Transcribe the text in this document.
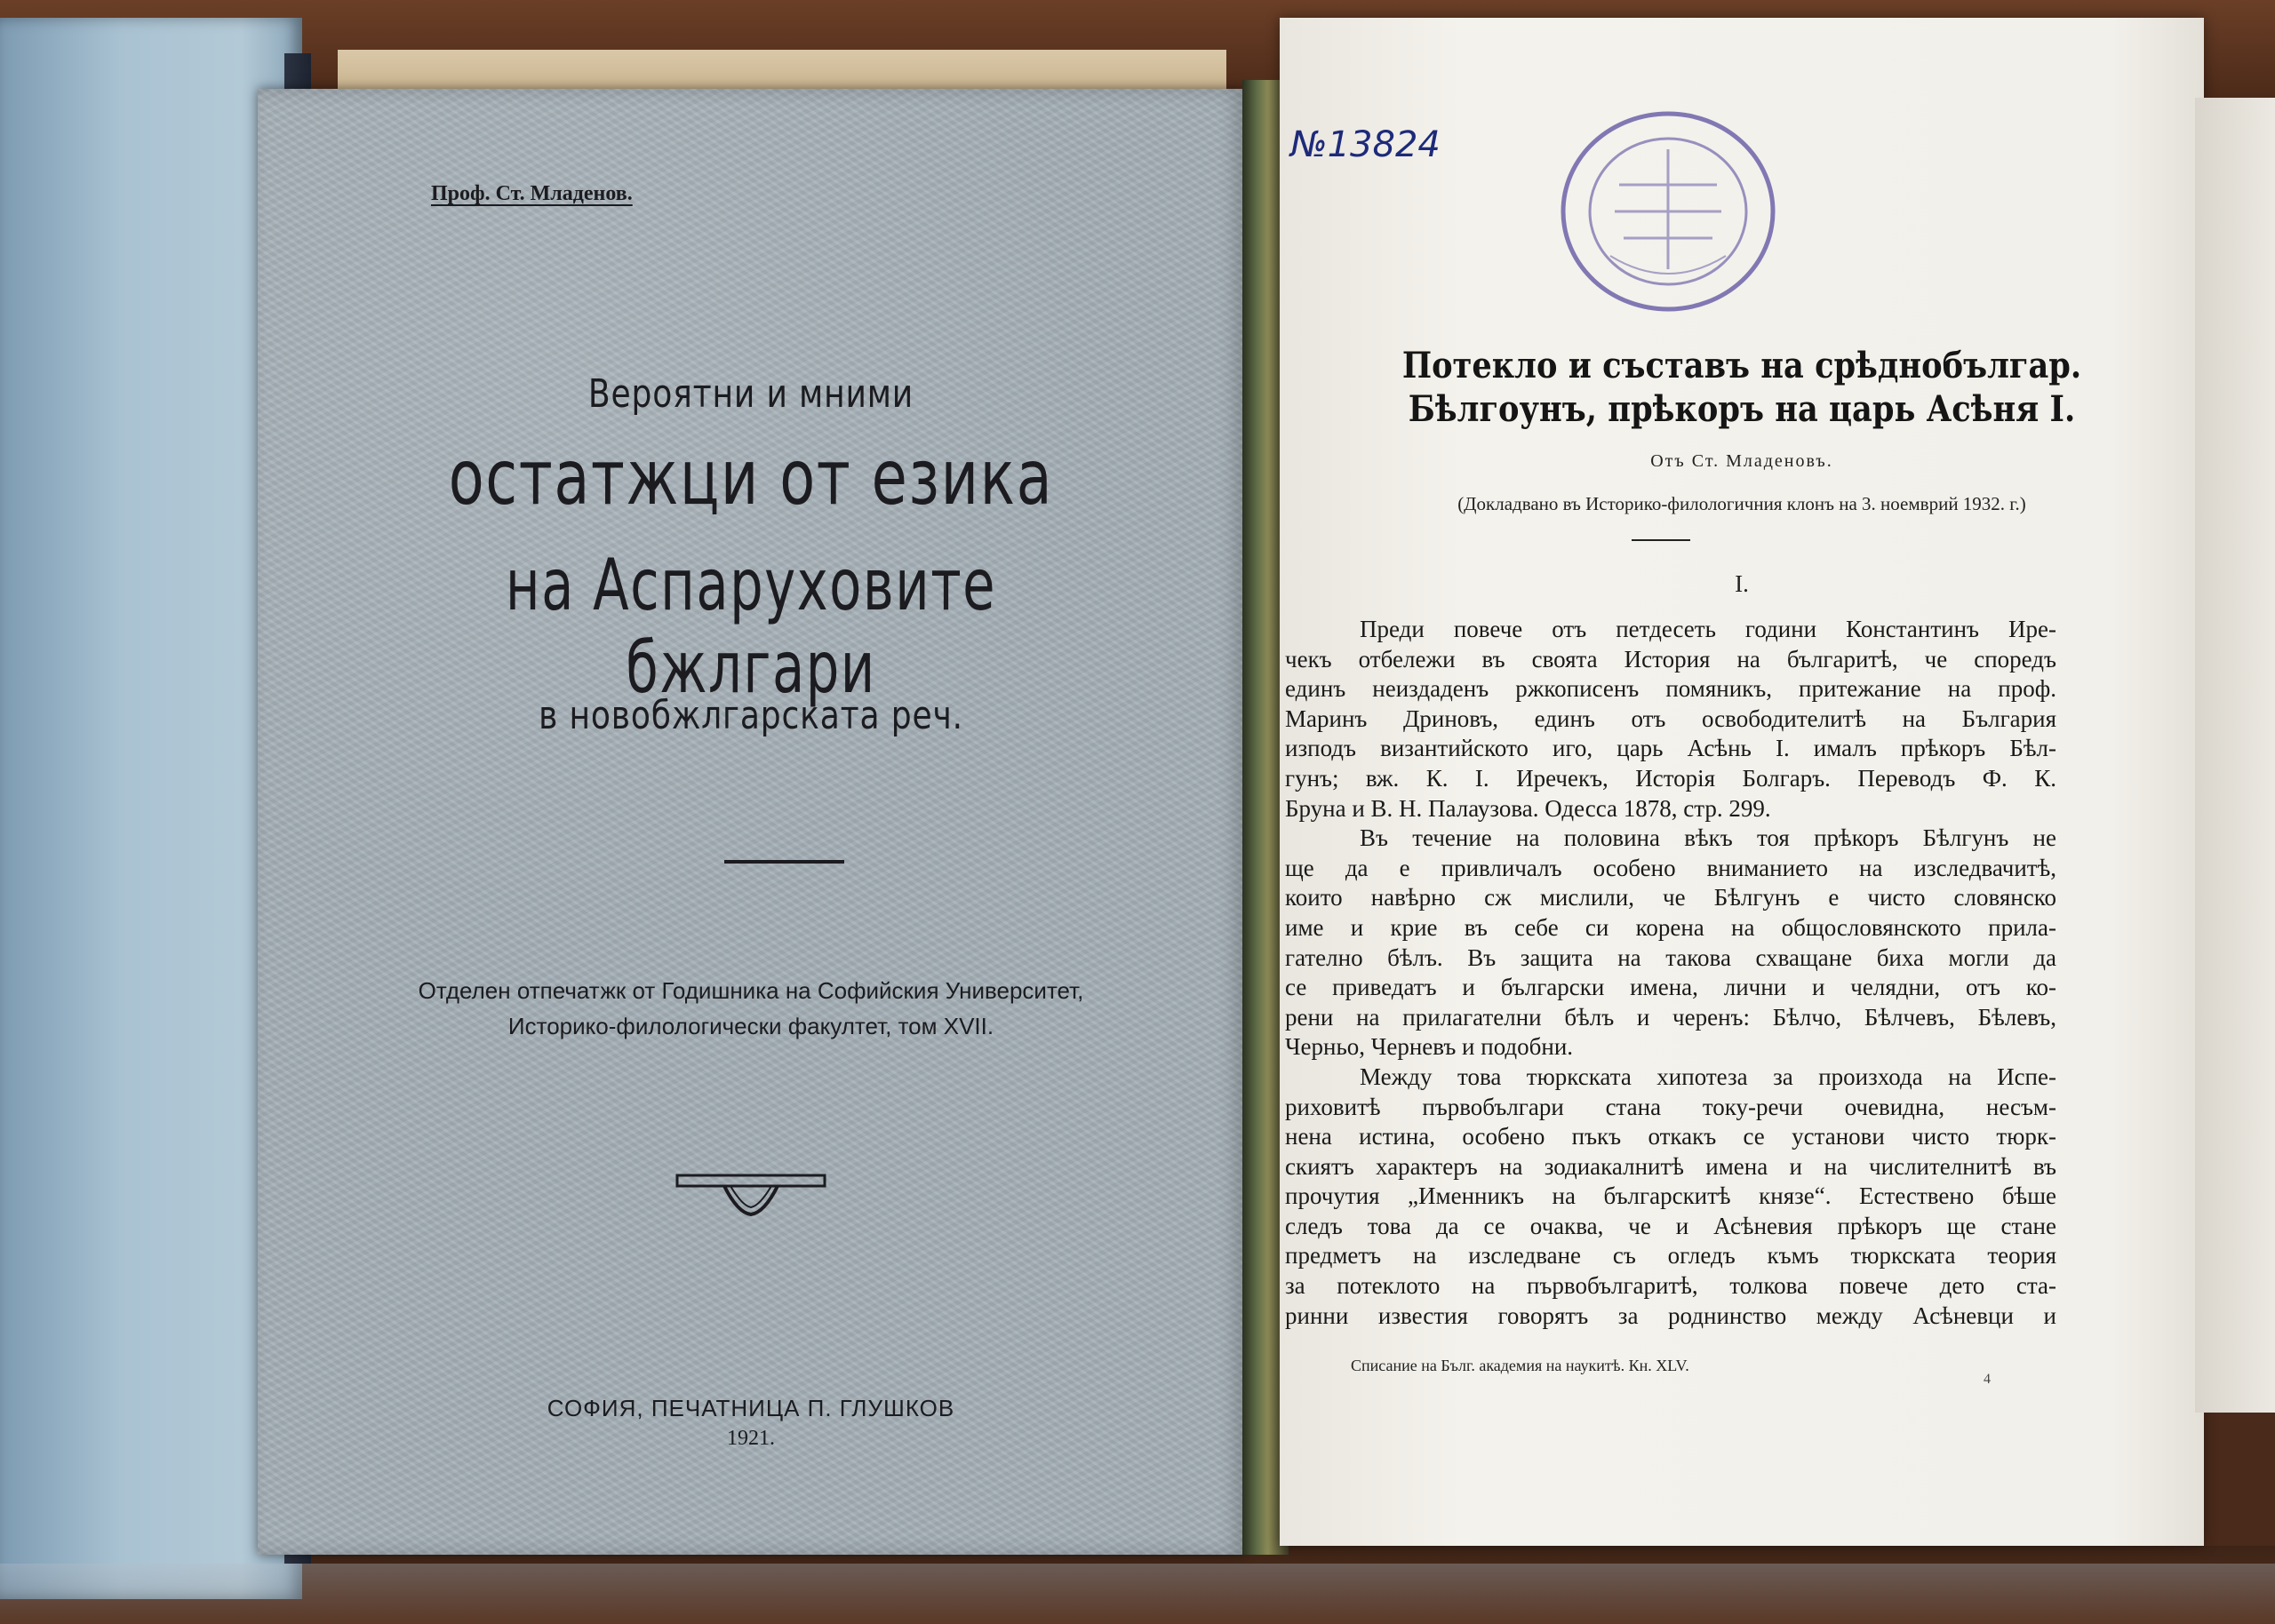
Проф. Ст. Младенов.
Вероятни и мними
остатжци от езика
на Аспаруховите бжлгари
в новобжлгарската реч.
Отделен отпечатжк от Годишника на Софийския Университет,
Историко-филологически факултет, том XVII.
СОФИЯ, ПЕЧАТНИЦА П. ГЛУШКОВ
1921.
№13824
Потекло и съставъ на срѣднобългар.
Бѣлгоунъ, прѣкоръ на царь Асѣня I.
Отъ Ст. Младеновъ.
(Докладвано въ Историко-филологичния клонъ на 3. ноемврий 1932. г.)
I.
Преди повече отъ петдесеть години Константинъ Ире-
чекъ отбележи въ своята История на българитѣ, че споредъ
единъ неиздаденъ ржкописенъ помяникъ, притежание на проф.
Маринъ Дриновъ, единъ отъ освободителитѣ на България
изподъ византийското иго, царь Асѣнь I. ималъ прѣкоръ Бѣл-
гунъ; вж. К. I. Иречекъ, Исторiя Болгаръ. Переводъ Ф. К.
Бруна и В. Н. Палаузова. Одесса 1878, стр. 299.
Въ течение на половина вѣкъ тоя прѣкоръ Бѣлгунъ не
ще да е привличалъ особено вниманието на изследвачитѣ,
които навѣрно сж мислили, че Бѣлгунъ е чисто словянско
име и крие въ себе си корена на общословянското прила-
гателно бѣлъ. Въ защита на такова схващане биха могли да
се приведатъ и български имена, лични и челядни, отъ ко-
рени на прилагателни бѣлъ и черенъ: Бѣлчо, Бѣлчевъ, Бѣлевъ,
Черньо, Черневъ и подобни.
Между това тюркската хипотеза за произхода на Испе-
риховитѣ първобългари стана току-речи очевидна, несъм-
нена истина, особено пъкъ откакъ се установи чисто тюрк-
скиятъ характеръ на зодиакалнитѣ имена и на числителнитѣ въ
прочутия „Именникъ на българскитѣ князе“. Естествено бѣше
следъ това да се очаква, че и Асѣневия прѣкоръ ще стане
предметъ на изследване съ огледъ къмъ тюркската теория
за потеклото на първобългаритѣ, толкова повече дето ста-
ринни известия говорятъ за роднинство между Асѣневци и
Списание на Бълг. академия на наукитѣ. Кн. XLV.
4
